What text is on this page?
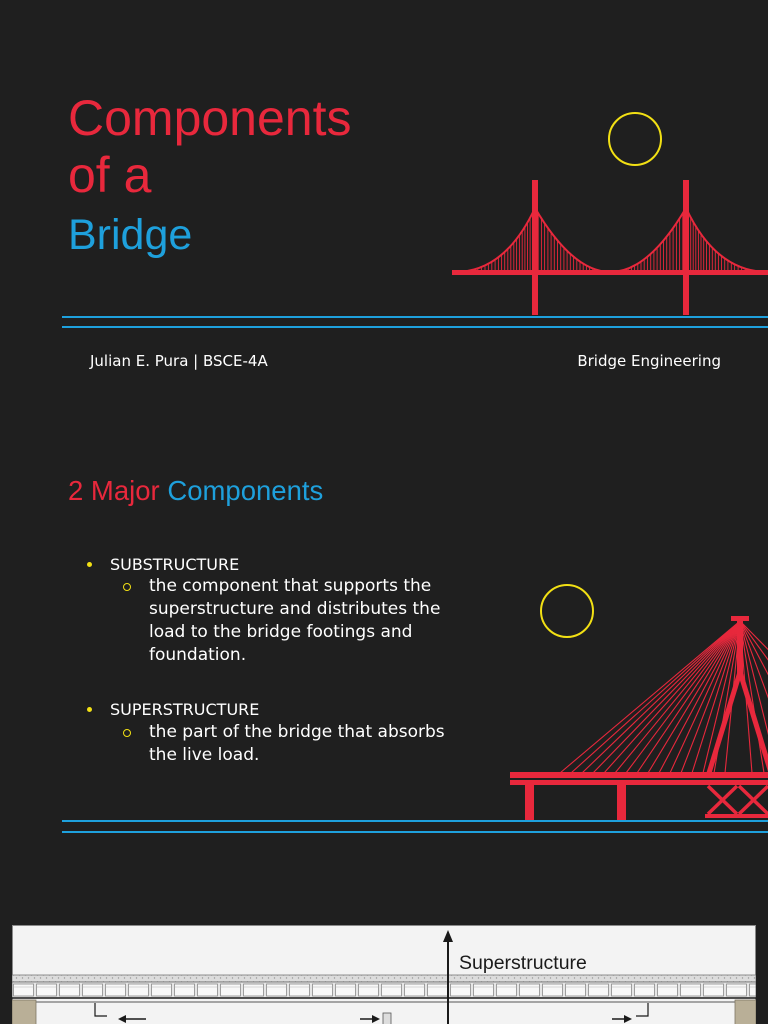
Components
of a
Bridge
Julian E. Pura | BSCE-4A	Bridge Engineering
2 Major Components
SUBSTRUCTURE
the component that supports the superstructure and distributes the load to the bridge footings and foundation.
SUPERSTRUCTURE
the part of the bridge that absorbs the live load.
Superstructure
